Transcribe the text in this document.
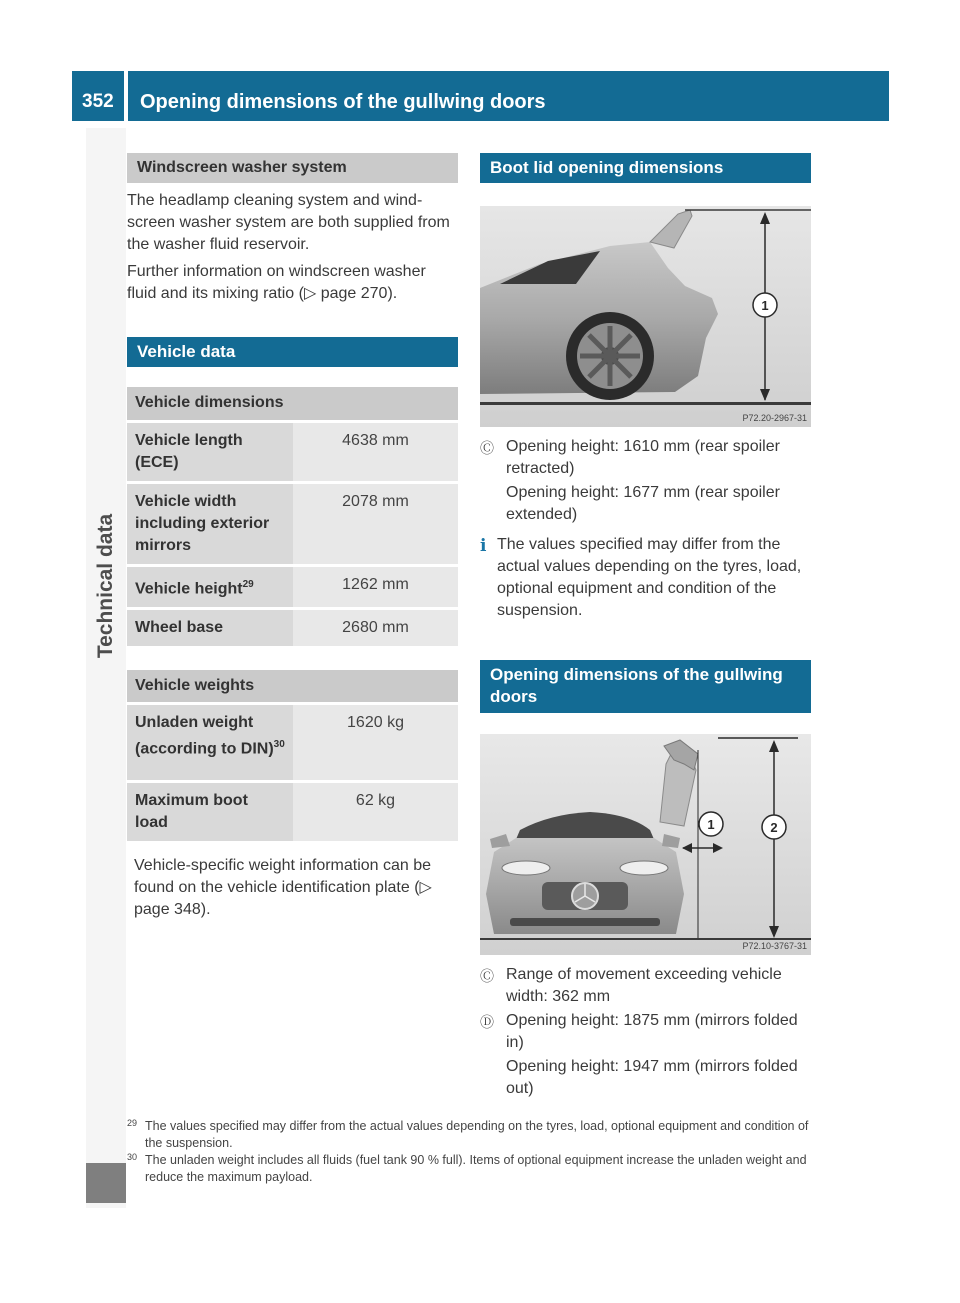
352	Opening dimensions of the gullwing doors
Technical data
Windscreen washer system

The headlamp cleaning system and wind-screen washer system are both supplied from the washer fluid reservoir.

Further information on windscreen washer fluid and its mixing ratio (▷ page 270).

Vehicle data
Vehicle dimensions	
Vehicle length (ECE)	4638 mm
Vehicle width including exterior mirrors	2078 mm
Vehicle height$^{29}$	1262 mm
Wheel base	2680 mm
Vehicle weights	
Unladen weight (according to DIN)$^{30}$	1620 kg
Maximum boot load	62 kg

Vehicle-specific weight information can be found on the vehicle identification plate (▷ page 348).

Boot lid opening dimensions
1
P72.20-2967-31
Ⓒ Opening height: 1610 mm (rear spoiler retracted)
Opening height: 1677 mm (rear spoiler extended)
i The values specified may differ from the actual values depending on the tyres, load, optional equipment and condition of the suspension.
Opening dimensions of the gullwing doors
1	2
P72.10-3767-31
Ⓒ Range of movement exceeding vehicle width: 362 mm
Ⓓ Opening height: 1875 mm (mirrors folded in)
Opening height: 1947 mm (mirrors folded out)
29 The values specified may differ from the actual values depending on the tyres, load, optional equipment and condition of the suspension.
30 The unladen weight includes all fluids (fuel tank 90 % full). Items of optional equipment increase the unladen weight and reduce the maximum payload.
